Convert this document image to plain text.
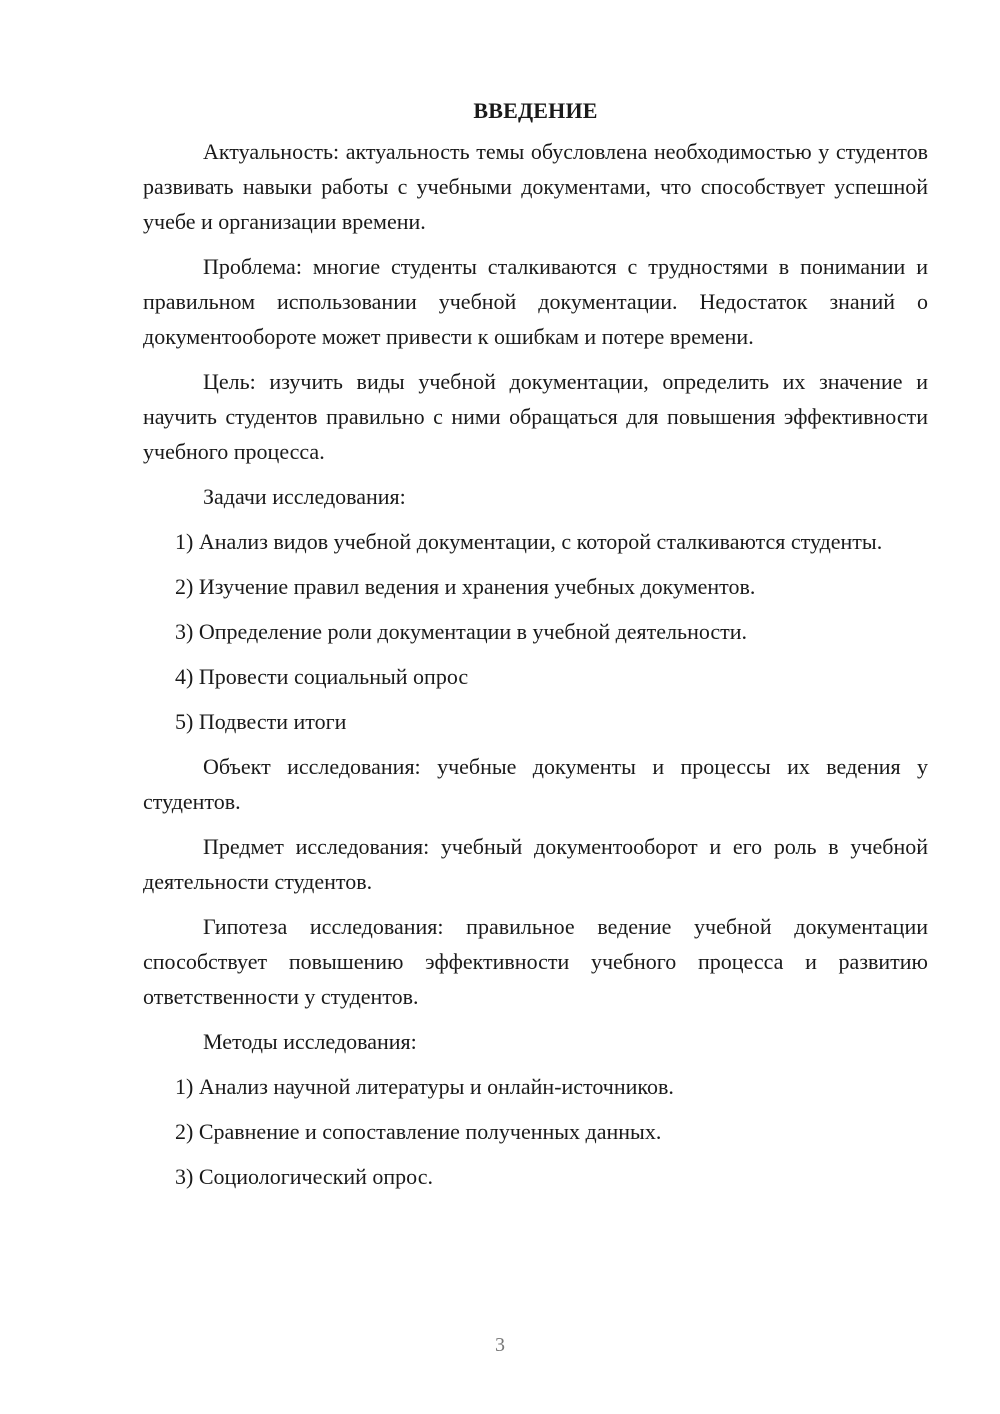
ВВЕДЕНИЕ

Актуальность: актуальность темы обусловлена необходимостью у студентов развивать навыки работы с учебными документами, что способствует успешной учебе и организации времени.

Проблема: многие студенты сталкиваются с трудностями в понимании и правильном использовании учебной документации. Недостаток знаний о документообороте может привести к ошибкам и потере времени.

Цель: изучить виды учебной документации, определить их значение и научить студентов правильно с ними обращаться для повышения эффективности учебного процесса.

Задачи исследования:

1) Анализ видов учебной документации, с которой сталкиваются студенты.

2) Изучение правил ведения и хранения учебных документов.

3) Определение роли документации в учебной деятельности.

4) Провести социальный опрос

5) Подвести итоги

Объект исследования: учебные документы и процессы их ведения у студентов.

Предмет исследования: учебный документооборот и его роль в учебной деятельности студентов.

Гипотеза исследования: правильное ведение учебной документации способствует повышению эффективности учебного процесса и развитию ответственности у студентов.

Методы исследования:

1) Анализ научной литературы и онлайн-источников.

2) Сравнение и сопоставление полученных данных.

3) Социологический опрос.

3
